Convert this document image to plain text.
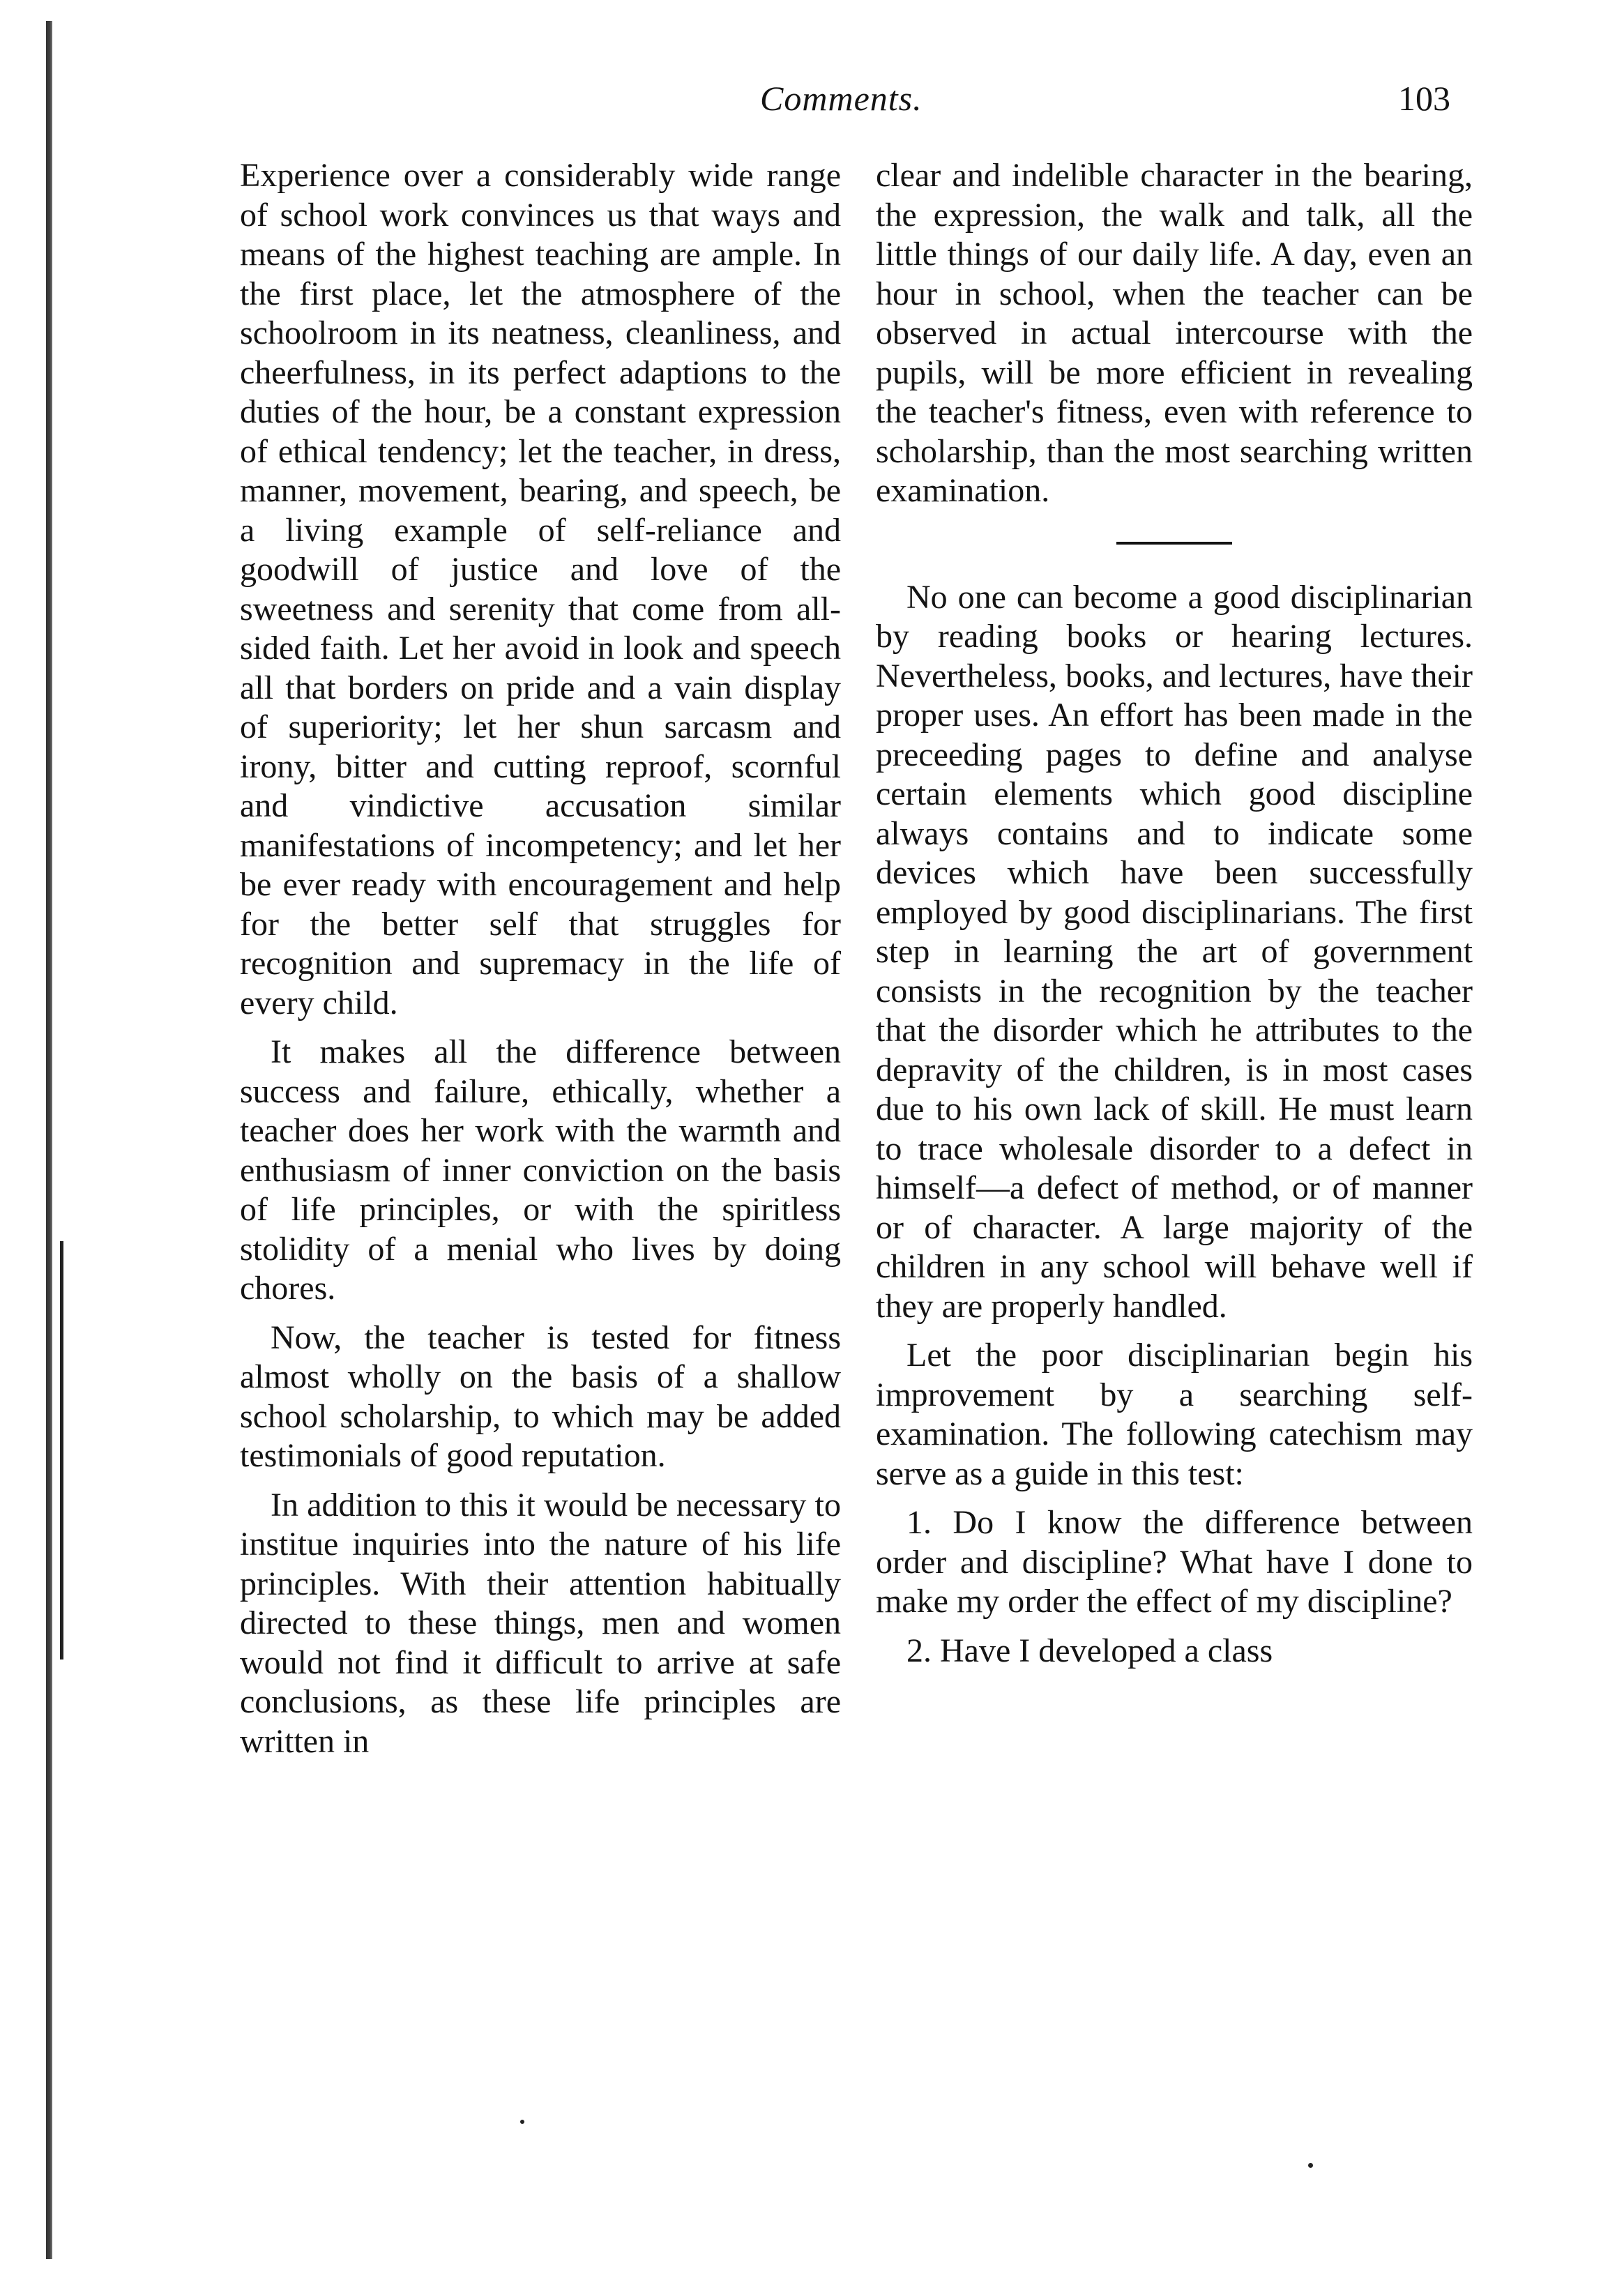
Comments.	103

Experience over a considerably wide range of school work convinces us that ways and means of the highest teaching are ample. In the first place, let the atmosphere of the schoolroom in its neatness, cleanliness, and cheerfulness, in its perfect adaptions to the duties of the hour, be a constant expression of ethical tendency; let the teacher, in dress, manner, movement, bearing, and speech, be a living example of self-reliance and goodwill of justice and love of the sweetness and serenity that come from all-sided faith. Let her avoid in look and speech all that borders on pride and a vain display of superiority; let her shun sarcasm and irony, bitter and cutting reproof, scornful and vindictive accusation similar manifestations of incompetency; and let her be ever ready with encouragement and help for the better self that struggles for recognition and supremacy in the life of every child.

It makes all the difference between success and failure, ethically, whether a teacher does her work with the warmth and enthusiasm of inner conviction on the basis of life principles, or with the spiritless stolidity of a menial who lives by doing chores.

Now, the teacher is tested for fitness almost wholly on the basis of a shallow school scholarship, to which may be added testimonials of good reputation.

In addition to this it would be necessary to institue inquiries into the nature of his life principles. With their attention habitually directed to these things, men and women would not find it difficult to arrive at safe conclusions, as these life principles are written in

clear and indelible character in the bearing, the expression, the walk and talk, all the little things of our daily life. A day, even an hour in school, when the teacher can be observed in actual intercourse with the pupils, will be more efficient in revealing the teacher's fitness, even with reference to scholarship, than the most searching written examination.

No one can become a good disciplinarian by reading books or hearing lectures. Nevertheless, books, and lectures, have their proper uses. An effort has been made in the preceeding pages to define and analyse certain elements which good discipline always contains and to indicate some devices which have been successfully employed by good disciplinarians. The first step in learning the art of government consists in the recognition by the teacher that the disorder which he attributes to the depravity of the children, is in most cases due to his own lack of skill. He must learn to trace wholesale disorder to a defect in himself—a defect of method, or of manner or of character. A large majority of the children in any school will behave well if they are properly handled.

Let the poor disciplinarian begin his improvement by a searching self-examination. The following catechism may serve as a guide in this test:

1. Do I know the difference between order and discipline? What have I done to make my order the effect of my discipline?

2. Have I developed a class
